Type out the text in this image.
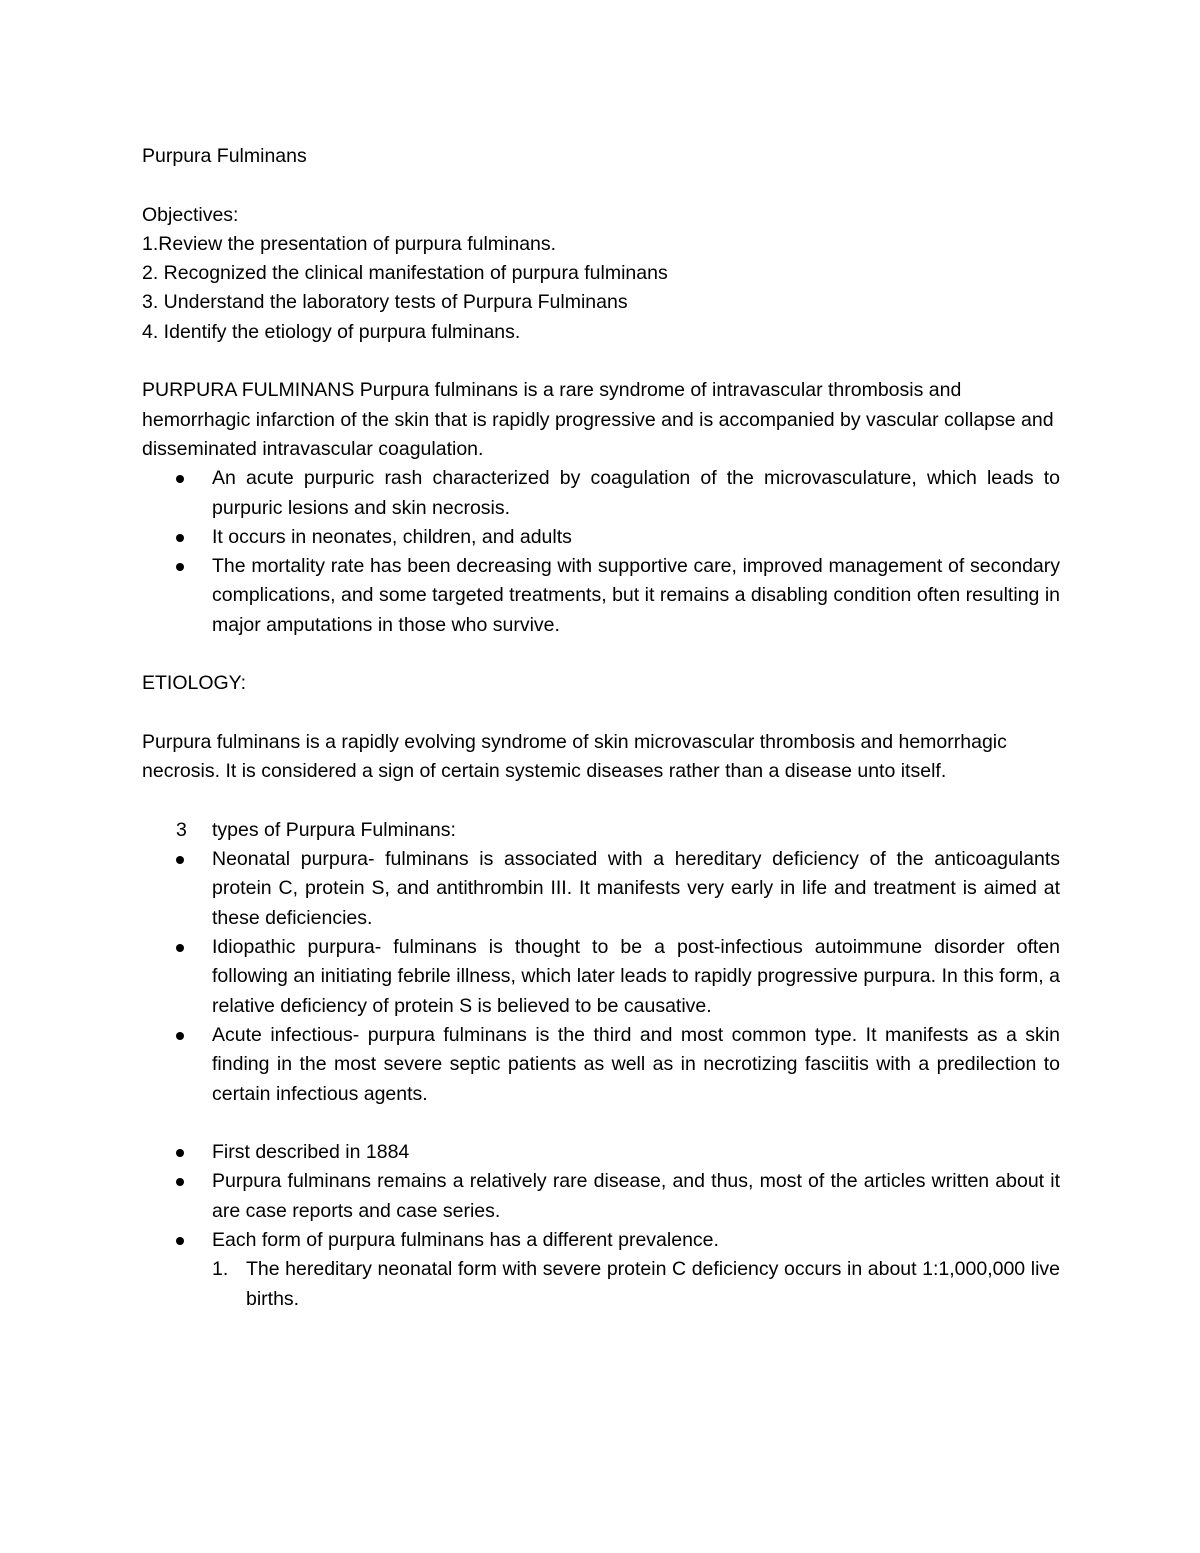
Purpura Fulminans

Objectives:

1.Review the presentation of purpura fulminans.
2. Recognized the clinical manifestation of purpura fulminans
3. Understand the laboratory tests of Purpura Fulminans
4. Identify the etiology of purpura fulminans.

PURPURA FULMINANS Purpura fulminans is a rare syndrome of intravascular thrombosis and hemorrhagic infarction of the skin that is rapidly progressive and is accompanied by vascular collapse and disseminated intravascular coagulation.

An acute purpuric rash characterized by coagulation of the microvasculature, which leads to purpuric lesions and skin necrosis.
It occurs in neonates, children, and adults
The mortality rate has been decreasing with supportive care, improved management of secondary complications, and some targeted treatments, but it remains a disabling condition often resulting in major amputations in those who survive.

ETIOLOGY:

Purpura fulminans is a rapidly evolving syndrome of skin microvascular thrombosis and hemorrhagic necrosis. It is considered a sign of certain systemic diseases rather than a disease unto itself.

3 types of Purpura Fulminans:

Neonatal purpura- fulminans is associated with a hereditary deficiency of the anticoagulants protein C, protein S, and antithrombin III. It manifests very early in life and treatment is aimed at these deficiencies.
Idiopathic purpura- fulminans is thought to be a post-infectious autoimmune disorder often following an initiating febrile illness, which later leads to rapidly progressive purpura. In this form, a relative deficiency of protein S is believed to be causative.
Acute infectious- purpura fulminans is the third and most common type. It manifests as a skin finding in the most severe septic patients as well as in necrotizing fasciitis with a predilection to certain infectious agents.
First described in 1884
Purpura fulminans remains a relatively rare disease, and thus, most of the articles written about it are case reports and case series.
Each form of purpura fulminans has a different prevalence.
1. The hereditary neonatal form with severe protein C deficiency occurs in about 1:1,000,000 live births.
